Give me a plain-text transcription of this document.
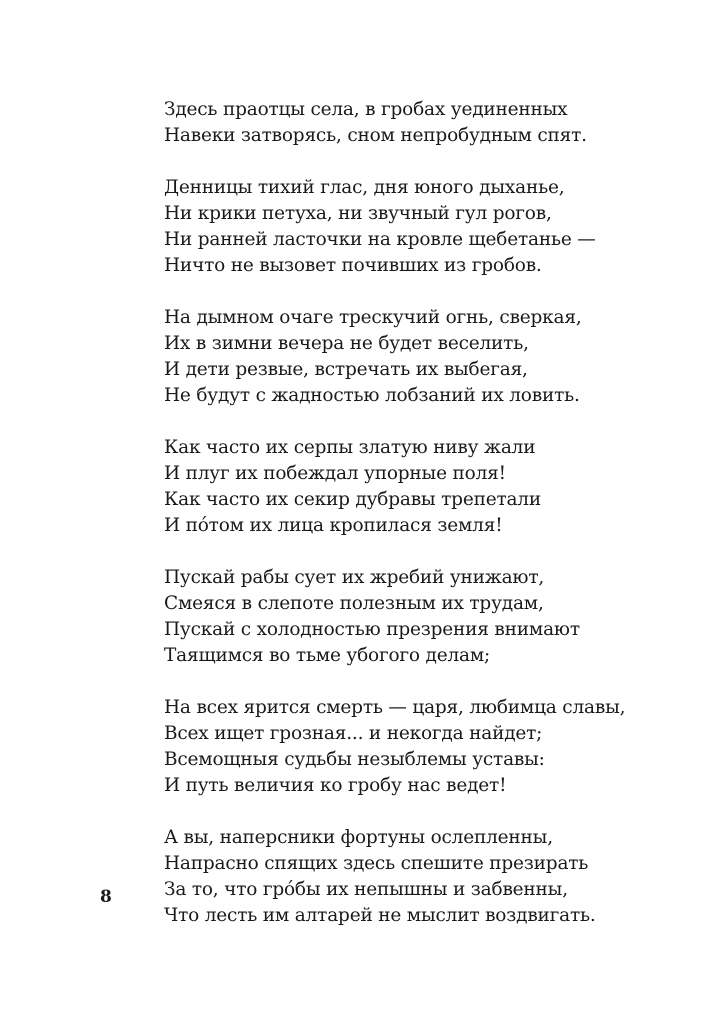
Здесь праотцы села, в гробах уединенных
Навеки затворясь, сном непробудным спят.
Денницы тихий глас, дня юного дыханье,
Ни крики петуха, ни звучный гул рогов,
Ни ранней ласточки на кровле щебетанье —
Ничто не вызовет почивших из гробов.
На дымном очаге трескучий огнь, сверкая,
Их в зимни вечера не будет веселить,
И дети резвые, встречать их выбегая,
Не будут с жадностью лобзаний их ловить.
Как часто их серпы златую ниву жали
И плуг их побеждал упорные поля!
Как часто их секир дубравы трепетали
И пóтом их лица кропилася земля!
Пускай рабы сует их жребий унижают,
Смеяся в слепоте полезным их трудам,
Пускай с холодностью презрения внимают
Таящимся во тьме убогого делам;
На всех ярится смерть — царя, любимца славы,
Всех ищет грозная... и некогда найдет;
Всемощныя судьбы незыблемы уставы:
И путь величия ко гробу нас ведет!
А вы, наперсники фортуны ослепленны,
Напрасно спящих здесь спешите презирать
За то, что грóбы их непышны и забвенны,
Что лесть им алтарей не мыслит воздвигать.
8
